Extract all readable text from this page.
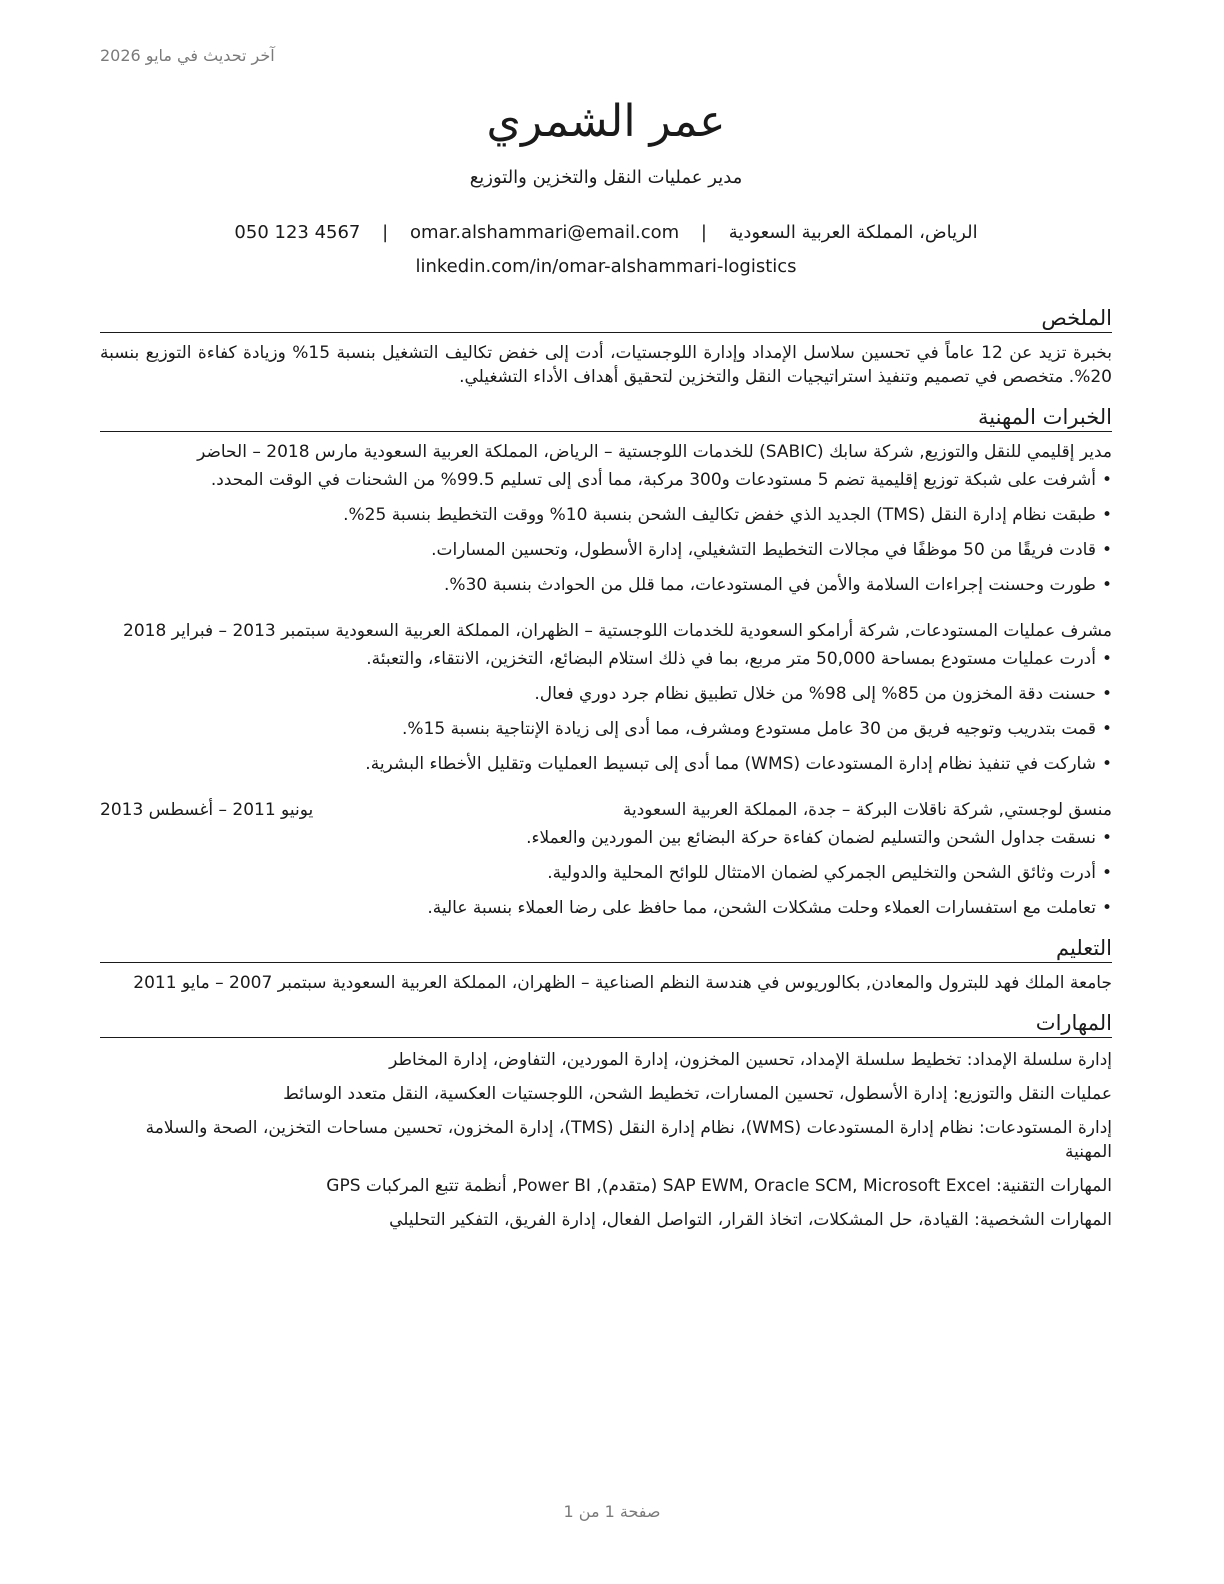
آخر تحديث في مايو 2026
عمر الشمري
مدير عمليات النقل والتخزين والتوزيع
الرياض، المملكة العربية السعودية | omar.alshammari@email.com | 050 123 4567
linkedin.com/in/omar-alshammari-logistics
الملخص
بخبرة تزيد عن 12 عاماً في تحسين سلاسل الإمداد وإدارة اللوجستيات، أدت إلى خفض تكاليف التشغيل بنسبة 15% وزيادة كفاءة التوزيع بنسبة 20%. متخصص في تصميم وتنفيذ استراتيجيات النقل والتخزين لتحقيق أهداف الأداء التشغيلي.
الخبرات المهنية
مدير إقليمي للنقل والتوزيع, شركة سابك (SABIC) للخدمات اللوجستية – الرياض، المملكة العربية السعودية مارس 2018 – الحاضر
•أشرفت على شبكة توزيع إقليمية تضم 5 مستودعات و300 مركبة، مما أدى إلى تسليم 99.5% من الشحنات في الوقت المحدد.
•طبقت نظام إدارة النقل (TMS) الجديد الذي خفض تكاليف الشحن بنسبة 10% ووقت التخطيط بنسبة 25%.
•قادت فريقًا من 50 موظفًا في مجالات التخطيط التشغيلي، إدارة الأسطول، وتحسين المسارات.
•طورت وحسنت إجراءات السلامة والأمن في المستودعات، مما قلل من الحوادث بنسبة 30%.
مشرف عمليات المستودعات, شركة أرامكو السعودية للخدمات اللوجستية – الظهران، المملكة العربية السعودية سبتمبر 2013 – فبراير 2018
•أدرت عمليات مستودع بمساحة 50,000 متر مربع، بما في ذلك استلام البضائع، التخزين، الانتقاء، والتعبئة.
•حسنت دقة المخزون من 85% إلى 98% من خلال تطبيق نظام جرد دوري فعال.
•قمت بتدريب وتوجيه فريق من 30 عامل مستودع ومشرف، مما أدى إلى زيادة الإنتاجية بنسبة 15%.
•شاركت في تنفيذ نظام إدارة المستودعات (WMS) مما أدى إلى تبسيط العمليات وتقليل الأخطاء البشرية.
منسق لوجستي, شركة ناقلات البركة – جدة، المملكة العربية السعودية
يونيو 2011 – أغسطس 2013
•نسقت جداول الشحن والتسليم لضمان كفاءة حركة البضائع بين الموردين والعملاء.
•أدرت وثائق الشحن والتخليص الجمركي لضمان الامتثال للوائح المحلية والدولية.
•تعاملت مع استفسارات العملاء وحلت مشكلات الشحن، مما حافظ على رضا العملاء بنسبة عالية.
التعليم
جامعة الملك فهد للبترول والمعادن, بكالوريوس في هندسة النظم الصناعية – الظهران، المملكة العربية السعودية سبتمبر 2007 – مايو 2011
المهارات
إدارة سلسلة الإمداد: تخطيط سلسلة الإمداد، تحسين المخزون، إدارة الموردين، التفاوض، إدارة المخاطر
عمليات النقل والتوزيع: إدارة الأسطول، تحسين المسارات، تخطيط الشحن، اللوجستيات العكسية، النقل متعدد الوسائط
إدارة المستودعات: نظام إدارة المستودعات (WMS)، نظام إدارة النقل (TMS)، إدارة المخزون، تحسين مساحات التخزين، الصحة والسلامة المهنية
المهارات التقنية: SAP EWM, Oracle SCM, Microsoft Excel (متقدم), Power BI, أنظمة تتبع المركبات GPS
المهارات الشخصية: القيادة، حل المشكلات، اتخاذ القرار، التواصل الفعال، إدارة الفريق، التفكير التحليلي
صفحة 1 من 1
